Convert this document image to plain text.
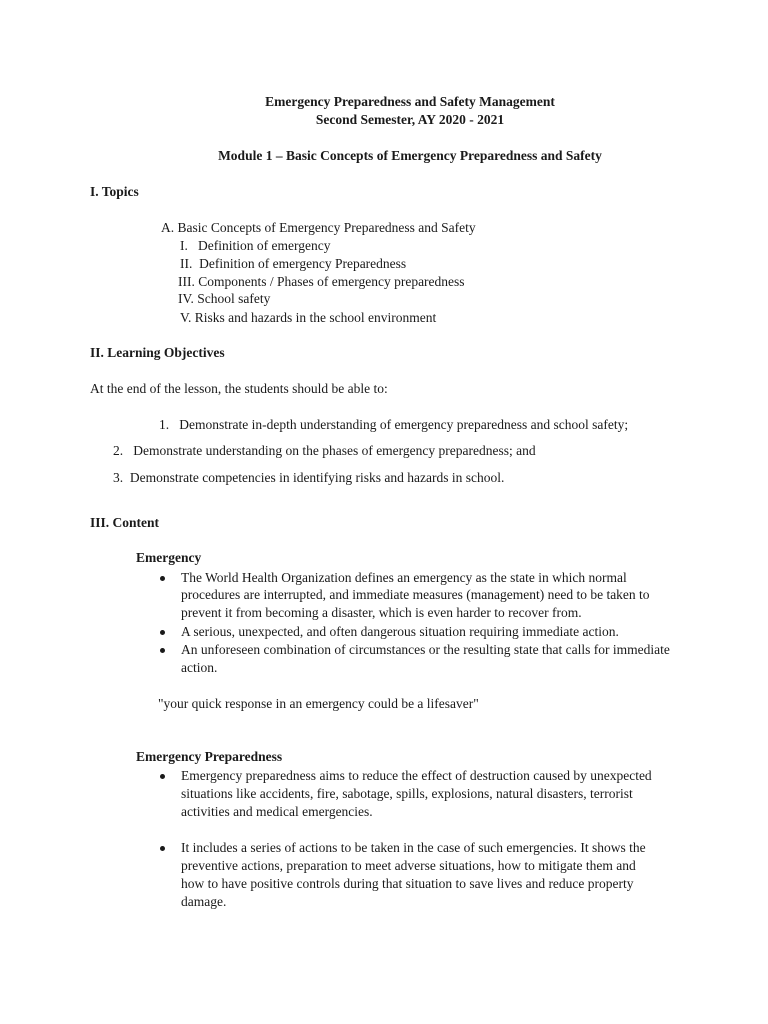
Emergency Preparedness and Safety Management
Second Semester, AY 2020 - 2021
Module 1 – Basic Concepts of Emergency Preparedness and Safety
I. Topics
A. Basic Concepts of Emergency Preparedness and Safety
I.   Definition of emergency
II.  Definition of emergency Preparedness
III. Components / Phases of emergency preparedness
IV. School safety
V. Risks and hazards in the school environment
II. Learning Objectives
At the end of the lesson, the students should be able to:
1.   Demonstrate in-depth understanding of emergency preparedness and school safety;
2.   Demonstrate understanding on the phases of emergency preparedness; and
3.  Demonstrate competencies in identifying risks and hazards in school.
III. Content
Emergency
The World Health Organization defines an emergency as the state in which normal
procedures are interrupted, and immediate measures (management) need to be taken to
prevent it from becoming a disaster, which is even harder to recover from.
A serious, unexpected, and often dangerous situation requiring immediate action.
An unforeseen combination of circumstances or the resulting state that calls for immediate
action.
"your quick response in an emergency could be a lifesaver"
Emergency Preparedness
Emergency preparedness aims to reduce the effect of destruction caused by unexpected
situations like accidents, fire, sabotage, spills, explosions, natural disasters, terrorist
activities and medical emergencies.
It includes a series of actions to be taken in the case of such emergencies. It shows the
preventive actions, preparation to meet adverse situations, how to mitigate them and
how to have positive controls during that situation to save lives and reduce property
damage.
